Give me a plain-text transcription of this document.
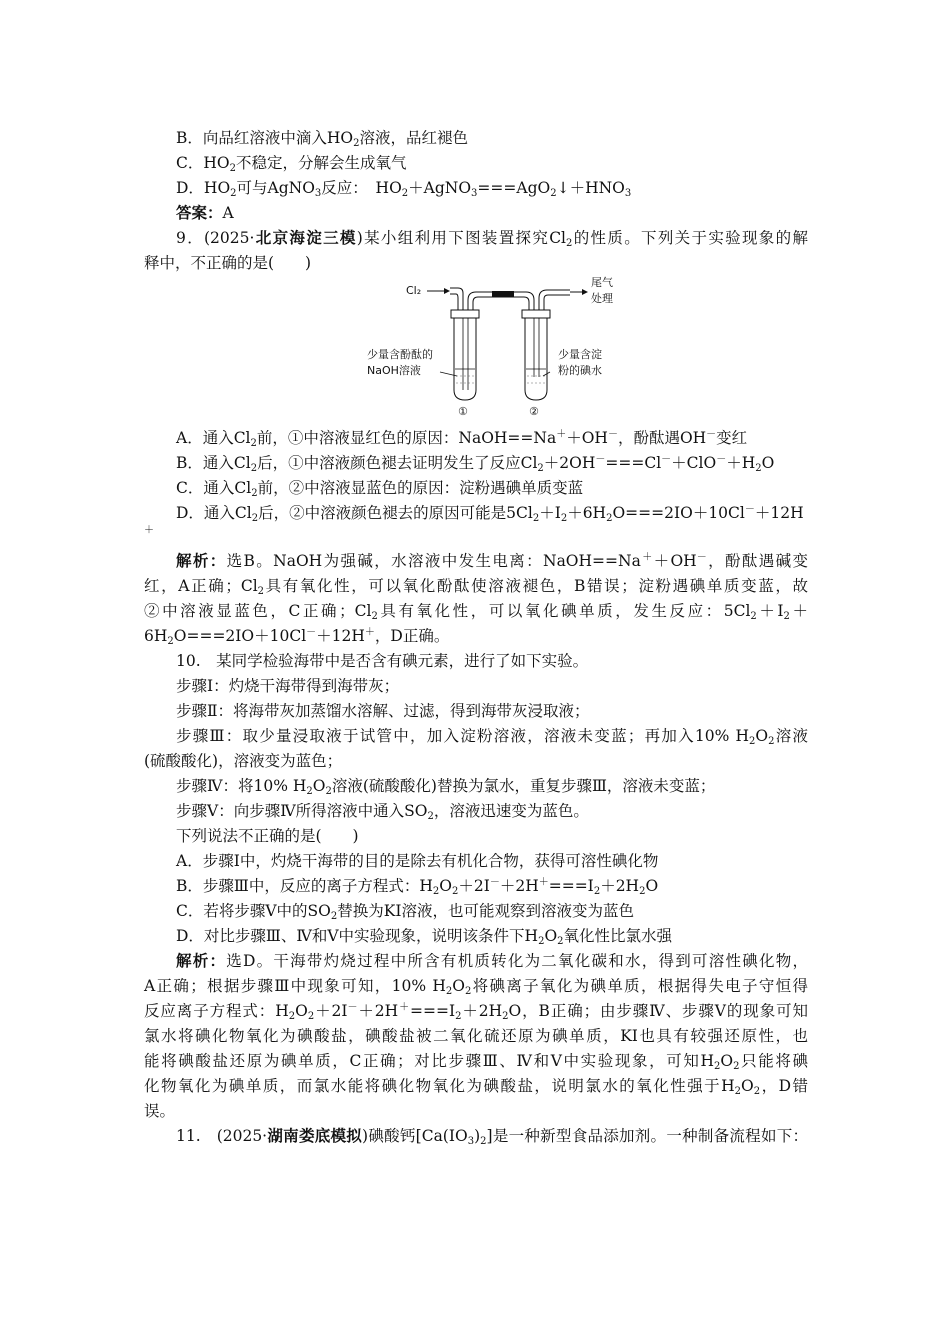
B．向品红溶液中滴入$HO_2$溶液，品红褪色
C．$HO_2$不稳定，分解会生成氧气
D．$HO_2$可与AgNO$_3$反应：　$HO_2+AgNO_3===AgO_2↓+HNO_3$
答案：A
9．(2025·北京海淀三模)某小组利用下图装置探究$Cl_2$的性质。下列关于实验现象的解
释中，不正确的是(　　)
Cl₂
尾气
处理
少量含酚酞的
NaOH溶液
少量含淀
粉的碘水
①	②
A．通入$Cl_2$前，①中溶液显红色的原因：NaOH==Na＋＋OH－，酚酞遇OH－变红
B．通入$Cl_2$后，①中溶液颜色褪去证明发生了反应$Cl_2+2OH^-===Cl^-+ClO^-+H_2O$
C．通入$Cl_2$前，②中溶液显蓝色的原因：淀粉遇碘单质变蓝
D．通入$Cl_2$后，②中溶液颜色褪去的原因可能是$5Cl_2+I_2+6H_2O===2IO+10Cl^-+12H$
＋
解析：选B。NaOH为强碱，水溶液中发生电离：NaOH==Na＋＋OH－，酚酞遇碱变
红，A正确；$Cl_2$具有氧化性，可以氧化酚酞使溶液褪色，B错误；淀粉遇碘单质变蓝，故
②中溶液显蓝色，C正确；$Cl_2$具有氧化性，可以氧化碘单质，发生反应：$5Cl_2+I_2+$
$6H_2O===2IO+10Cl^-+12H^+$，D正确。
10.　某同学检验海带中是否含有碘元素，进行了如下实验。
步骤Ⅰ：灼烧干海带得到海带灰；
步骤Ⅱ：将海带灰加蒸馏水溶解、过滤，得到海带灰浸取液；
步骤Ⅲ：取少量浸取液于试管中，加入淀粉溶液，溶液未变蓝；再加入10% $H_2O_2$溶液
(硫酸酸化)，溶液变为蓝色；
步骤Ⅳ：将10% $H_2O_2$溶液(硫酸酸化)替换为氯水，重复步骤Ⅲ，溶液未变蓝；
步骤Ⅴ：向步骤Ⅳ所得溶液中通入$SO_2$，溶液迅速变为蓝色。
下列说法不正确的是(　　)
A．步骤Ⅰ中，灼烧干海带的目的是除去有机化合物，获得可溶性碘化物
B．步骤Ⅲ中，反应的离子方程式：$H_2O_2+2I^-+2H^+===I_2+2H_2O$
C．若将步骤Ⅴ中的$SO_2$替换为KI溶液，也可能观察到溶液变为蓝色
D．对比步骤Ⅲ、Ⅳ和Ⅴ中实验现象，说明该条件下$H_2O_2$氧化性比氯水强
解析：选D。干海带灼烧过程中所含有机质转化为二氧化碳和水，得到可溶性碘化物，
A正确；根据步骤Ⅲ中现象可知，10% $H_2O_2$将碘离子氧化为碘单质，根据得失电子守恒得
反应离子方程式：$H_2O_2+2I^-+2H^+===I_2+2H_2O$，B正确；由步骤Ⅳ、步骤Ⅴ的现象可知
氯水将碘化物氧化为碘酸盐，碘酸盐被二氧化硫还原为碘单质，KI也具有较强还原性，也
能将碘酸盐还原为碘单质，C正确；对比步骤Ⅲ、Ⅳ和Ⅴ中实验现象，可知$H_2O_2$只能将碘
化物氧化为碘单质，而氯水能将碘化物氧化为碘酸盐，说明氯水的氧化性强于$H_2O_2$，D错
误。
11.　(2025·湖南娄底模拟)碘酸钙$[Ca(IO_3)_2]$是一种新型食品添加剂。一种制备流程如下：
